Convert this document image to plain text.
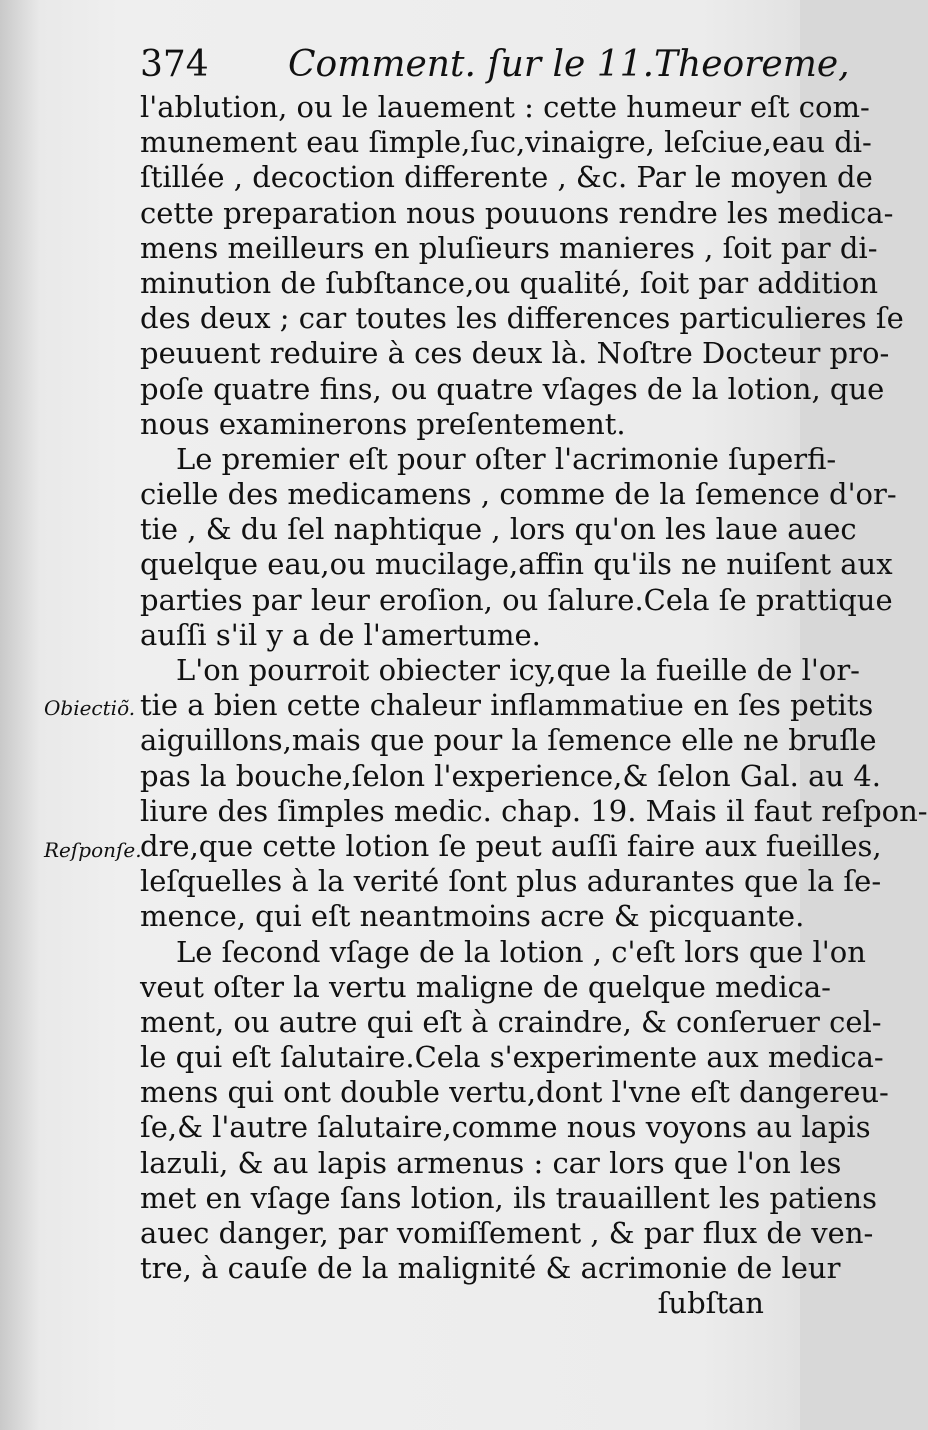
374 Comment. ſur le 11.Theoreme,
Obiectiõ.
Reſponſe.
l'ablution, ou le lauement : cette humeur eſt com-
munement eau ſimple,ſuc,vinaigre, leſciue,eau di-
ſtillée , decoction differente , &c. Par le moyen de
cette preparation nous pouuons rendre les medica-
mens meilleurs en pluſieurs manieres , ſoit par di-
minution de ſubſtance,ou qualité, ſoit par addition
des deux ; car toutes les differences particulieres ſe
peuuent reduire à ces deux là. Noſtre Docteur pro-
poſe quatre fins, ou quatre vſages de la lotion, que
nous examinerons preſentement.
Le premier eſt pour oſter l'acrimonie ſuperfi-
cielle des medicamens , comme de la ſemence d'or-
tie , & du ſel naphtique , lors qu'on les laue auec
quelque eau,ou mucilage,affin qu'ils ne nuiſent aux
parties par leur eroſion, ou ſalure.Cela ſe prattique
auſſi s'il y a de l'amertume.
L'on pourroit obiecter icy,que la fueille de l'or-
tie a bien cette chaleur inflammatiue en ſes petits
aiguillons,mais que pour la ſemence elle ne bruſle
pas la bouche,ſelon l'experience,& ſelon Gal. au 4.
liure des ſimples medic. chap. 19. Mais il faut reſpon-
dre,que cette lotion ſe peut auſſi faire aux fueilles,
leſquelles à la verité ſont plus adurantes que la ſe-
mence, qui eſt neantmoins acre & picquante.
Le ſecond vſage de la lotion , c'eſt lors que l'on
veut oſter la vertu maligne de quelque medica-
ment, ou autre qui eſt à craindre, & conſeruer cel-
le qui eſt ſalutaire.Cela s'experimente aux medica-
mens qui ont double vertu,dont l'vne eſt dangereu-
ſe,& l'autre ſalutaire,comme nous voyons au lapis
lazuli, & au lapis armenus : car lors que l'on les
met en vſage ſans lotion, ils trauaillent les patiens
auec danger, par vomiſſement , & par flux de ven-
tre, à cauſe de la malignité & acrimonie de leur
ſubſtan
